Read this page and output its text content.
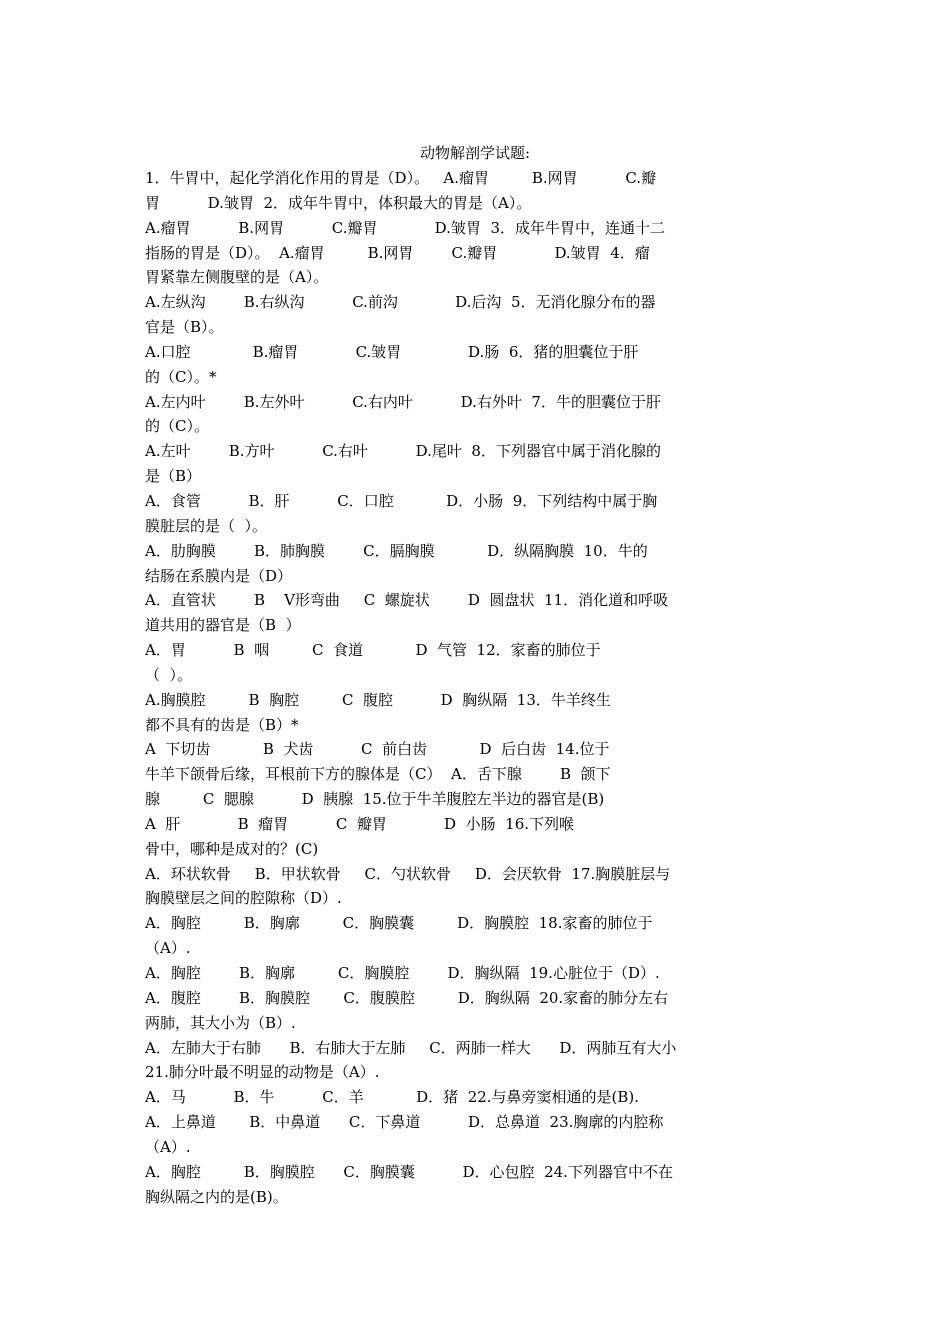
动物解剖学试题:
1．牛胃中，起化学消化作用的胃是（D）。   A.瘤胃         B.网胃          C.瓣
胃          D.皱胃  2．成年牛胃中，体积最大的胃是（A）。
A.瘤胃          B.网胃          C.瓣胃            D.皱胃  3．成年牛胃中，连通十二
指肠的胃是（D）。  A.瘤胃         B.网胃        C.瓣胃            D.皱胃  4．瘤
胃紧靠左侧腹壁的是（A）。
A.左纵沟        B.右纵沟          C.前沟            D.后沟  5．无消化腺分布的器
官是（B）。
A.口腔             B.瘤胃            C.皱胃              D.肠  6．猪的胆囊位于肝
的（C）。*
A.左内叶        B.左外叶          C.右内叶          D.右外叶  7．牛的胆囊位于肝
的（C）。
A.左叶        B.方叶          C.右叶          D.尾叶  8．下列器官中属于消化腺的
是（B）
A．食管          B．肝          C．口腔           D．小肠  9．下列结构中属于胸
膜脏层的是（  ）。
A．肋胸膜        B．肺胸膜        C．膈胸膜           D．纵隔胸膜  10．牛的
结肠在系膜内是（D）
A．直管状        B    V形弯曲     C  螺旋状        D  圆盘状  11．消化道和呼吸
道共用的器官是（B  ）
A．胃          B  咽         C  食道           D  气管  12．家畜的肺位于
（  ）。
A.胸膜腔         B  胸腔         C  腹腔          D  胸纵隔  13．牛羊终生
都不具有的齿是（B）*
A  下切齿           B  犬齿          C  前白齿           D  后白齿  14.位于
牛羊下颌骨后缘，耳根前下方的腺体是（C）  A．舌下腺        B  颌下
腺         C  腮腺          D  胰腺  15.位于牛羊腹腔左半边的器官是(B)
A  肝            B  瘤胃          C  瓣胃            D  小肠  16.下列喉
骨中，哪种是成对的？(C)
A．环状软骨     B．甲状软骨     C．勺状软骨     D．会厌软骨  17.胸膜脏层与
胸膜壁层之间的腔隙称（D）.
A．胸腔         B．胸廓         C．胸膜囊         D．胸膜腔  18.家畜的肺位于
（A）.
A．胸腔        B．胸廓         C．胸膜腔        D．胸纵隔  19.心脏位于（D）.
A．腹腔        B．胸膜腔       C．腹膜腔         D．胸纵隔  20.家畜的肺分左右
两肺，其大小为（B）.
A．左肺大于右肺      B．右肺大于左肺     C．两肺一样大      D．两肺互有大小
21.肺分叶最不明显的动物是（A）.
A．马          B．牛          C．羊           D．猪  22.与鼻旁窦相通的是(B).
A．上鼻道       B．中鼻道      C．下鼻道          D．总鼻道  23.胸廓的内腔称
（A）.
A．胸腔         B．胸膜腔      C．胸膜囊          D．心包腔  24.下列器官中不在
胸纵隔之内的是(B)。
